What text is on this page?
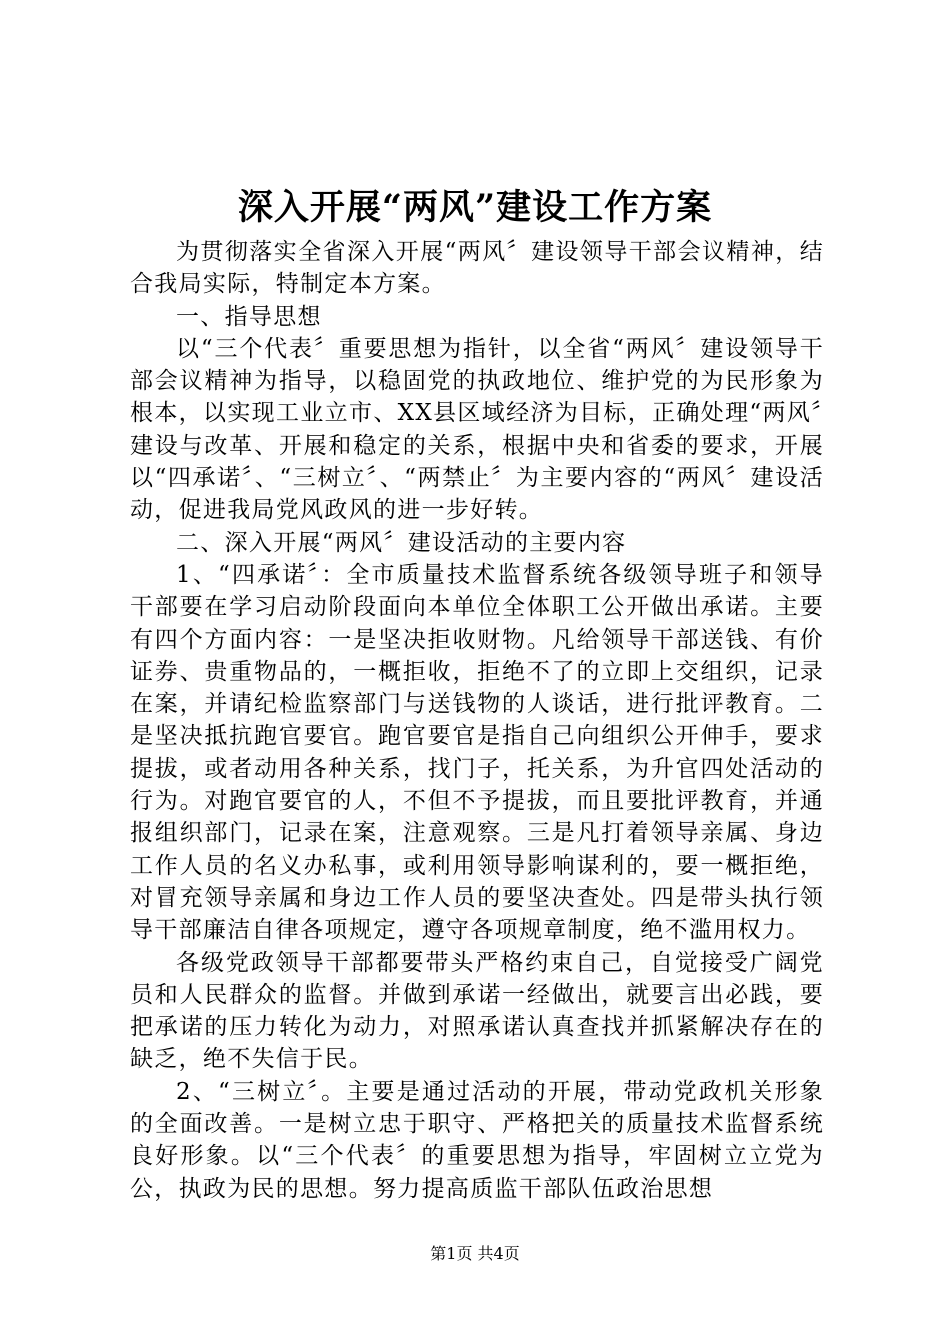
深入开展“两风”建设工作方案

为贯彻落实全省深入开展“两风〞建设领导干部会议精神，结合我局实际，特制定本方案。

一、指导思想

以“三个代表〞重要思想为指针，以全省“两风〞建设领导干部会议精神为指导，以稳固党的执政地位、维护党的为民形象为根本，以实现工业立市、XX县区域经济为目标，正确处理“两风〞建设与改革、开展和稳定的关系，根据中央和省委的要求，开展以“四承诺〞、“三树立〞、“两禁止〞为主要内容的“两风〞建设活动，促进我局党风政风的进一步好转。

二、深入开展“两风〞建设活动的主要内容

1、“四承诺〞：全市质量技术监督系统各级领导班子和领导干部要在学习启动阶段面向本单位全体职工公开做出承诺。主要有四个方面内容：一是坚决拒收财物。凡给领导干部送钱、有价证券、贵重物品的，一概拒收，拒绝不了的立即上交组织，记录在案，并请纪检监察部门与送钱物的人谈话，进行批评教育。二是坚决抵抗跑官要官。跑官要官是指自己向组织公开伸手，要求提拔，或者动用各种关系，找门子，托关系，为升官四处活动的行为。对跑官要官的人，不但不予提拔，而且要批评教育，并通报组织部门，记录在案，注意观察。三是凡打着领导亲属、身边工作人员的名义办私事，或利用领导影响谋利的，要一概拒绝，对冒充领导亲属和身边工作人员的要坚决查处。四是带头执行领导干部廉洁自律各项规定，遵守各项规章制度，绝不滥用权力。

各级党政领导干部都要带头严格约束自己，自觉接受广阔党员和人民群众的监督。并做到承诺一经做出，就要言出必践，要把承诺的压力转化为动力，对照承诺认真查找并抓紧解决存在的缺乏，绝不失信于民。

2、“三树立〞。主要是通过活动的开展，带动党政机关形象的全面改善。一是树立忠于职守、严格把关的质量技术监督系统良好形象。以“三个代表〞的重要思想为指导，牢固树立立党为公，执政为民的思想。努力提高质监干部队伍政治思想

第1页 共4页
